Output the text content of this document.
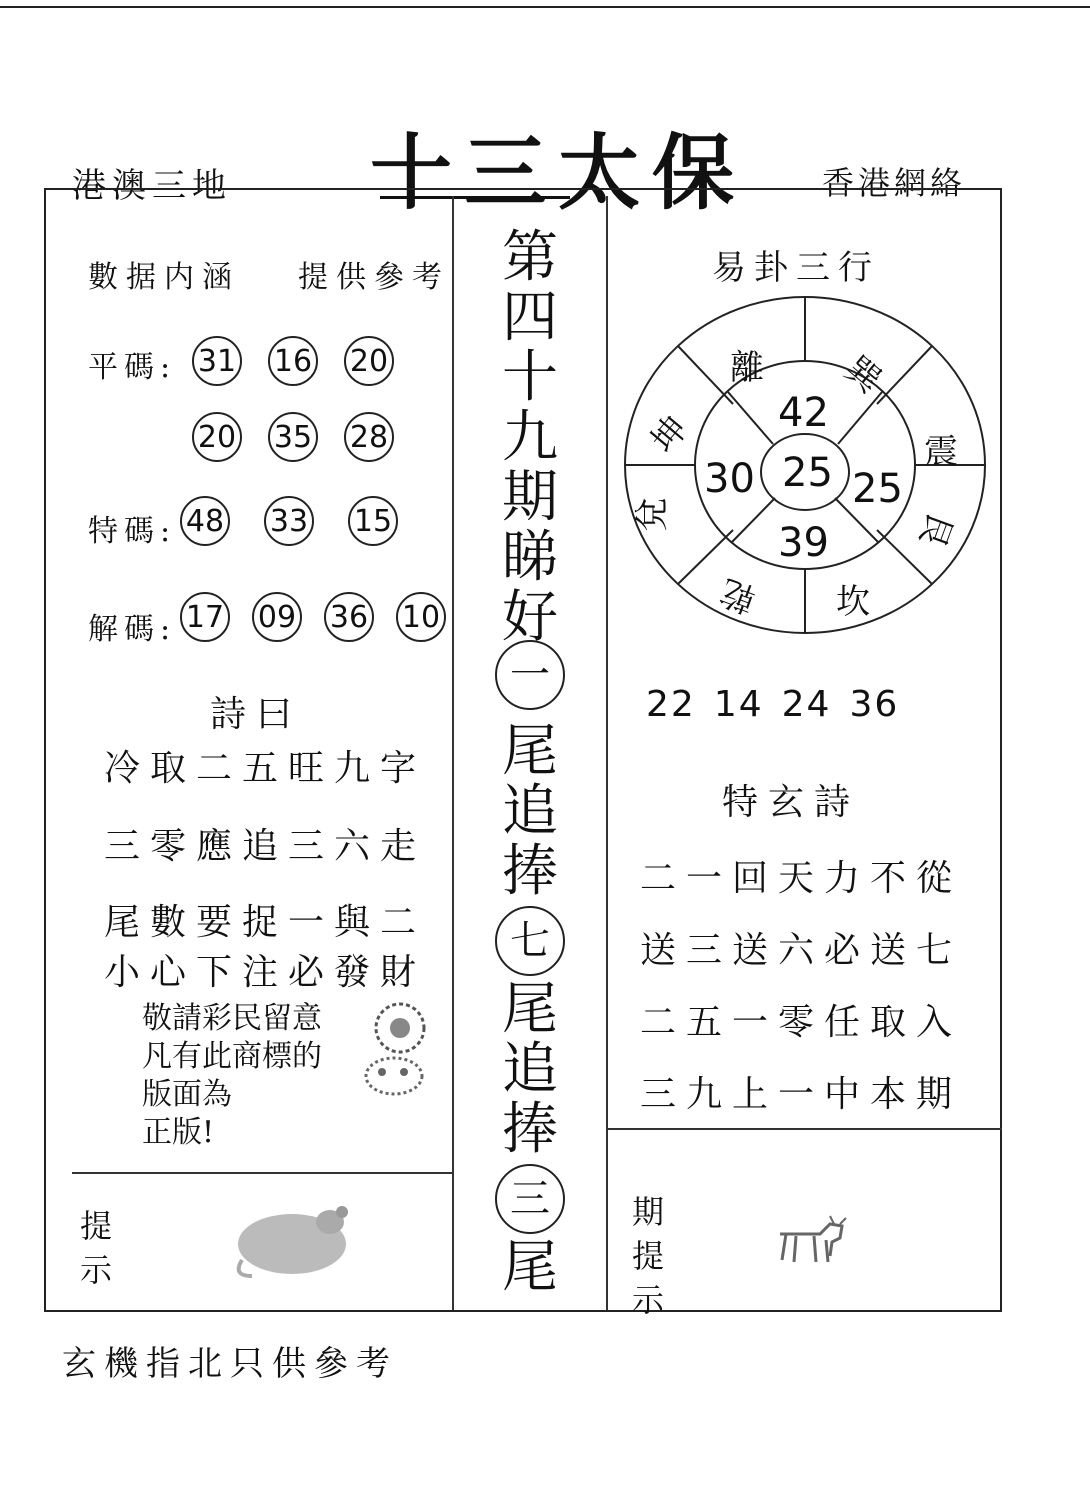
港澳三地 十三太保 香港網絡
數据内涵 提供參考
平碼: 31 16 20
20 35 28
特碼: 48 33 15
解碼: 17 09 36 10
詩曰
冷取二五旺九字
三零應追三六走
尾數要捉一與二
小心下注必發財
敬請彩民留意
凡有此商標的
版面為
正版!
提示
第
四
十
九
期
睇
好
一
尾
追
捧
七
尾
追
捧
三
尾
易卦三行
離 巽
震
艮
坎
乾
兌
坤 42
30 25 25
39
22 14 24 36
特玄詩
二一回天力不從
送三送六必送七
二五一零任取入
三九上一中本期
期提示
玄機指北只供參考
